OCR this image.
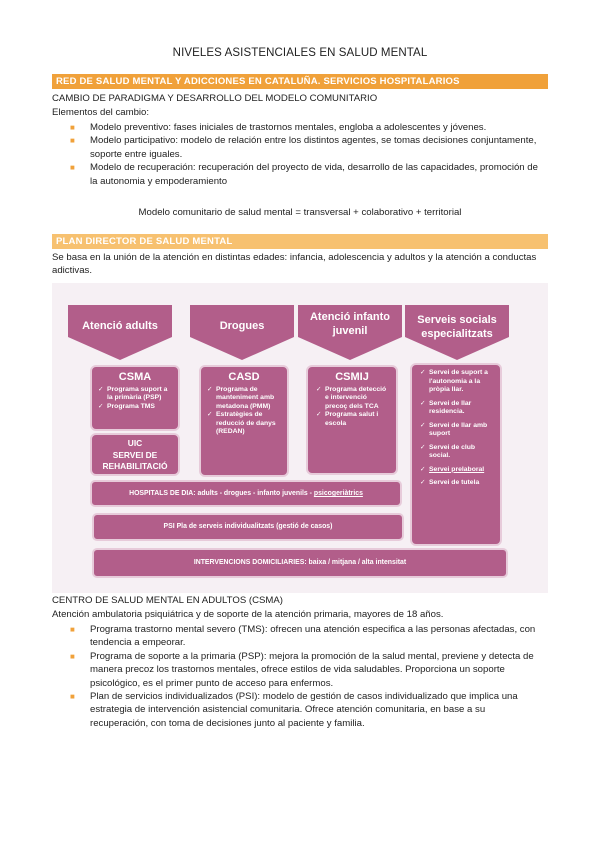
NIVELES ASISTENCIALES EN SALUD MENTAL
RED DE SALUD MENTAL Y ADICCIONES EN CATALUÑA. SERVICIOS HOSPITALARIOS
CAMBIO DE PARADIGMA Y DESARROLLO DEL MODELO COMUNITARIO
Elementos del cambio:
■ Modelo preventivo: fases iniciales de trastornos mentales, engloba a adolescentes y jóvenes.
■ Modelo participativo: modelo de relación entre los distintos agentes, se tomas decisiones conjuntamente,
soporte entre iguales.
■ Modelo de recuperación: recuperación del proyecto de vida, desarrollo de las capacidades, promoción de
la autonomia y empoderamiento
Modelo comunitario de salud mental = transversal + colaborativo + territorial
PLAN DIRECTOR DE SALUD MENTAL
Se basa en la unión de la atención en distintas edades: infancia, adolescencia y adultos y la atención a conductas
adictivas.
Atenció adults	Drogues
Atenció infanto
juvenil
Serveis socials
especialitzats
CSMA
✓ Programa suport a la primària (PSP)
✓ Programa TMS
UIC
SERVEI DE
REHABILITACIÓ
CASD
✓ Programa de manteniment amb metadona (PMM)
✓ Estratègies de reducció de danys (REDAN)
CSMIJ
✓ Programa detecció e intervenció precoç dels TCA
✓ Programa salut i escola
✓ Servei de suport a l'autonomia a la pròpia llar.
✓ Servei de llar residencia.
✓ Servei de llar amb suport
✓ Servei de club social.
✓ Servei prelaboral
✓ Servei de tutela
HOSPITALS DE DIA: adults - drogues - infanto juvenils - psicogeriàtrics
PSI Pla de serveis individualitzats (gestió de casos)
INTERVENCIONS DOMICILIARIES: baixa / mitjana / alta intensitat
CENTRO DE SALUD MENTAL EN ADULTOS (CSMA)
Atención ambulatoria psiquiátrica y de soporte de la atención primaria, mayores de 18 años.
■ Programa trastorno mental severo (TMS): ofrecen una atención especifica a las personas afectadas, con
tendencia a empeorar.
■ Programa de soporte a la primaria (PSP): mejora la promoción de la salud mental, previene y detecta de
manera precoz los trastornos mentales, ofrece estilos de vida saludables. Proporciona un soporte
psicológico, es el primer punto de acceso para enfermos.
■ Plan de servicios individualizados (PSI): modelo de gestión de casos individualizado que implica una
estrategia de intervención asistencial comunitaria. Ofrece atención comunitaria, en base a su
recuperación, con toma de decisiones junto al paciente y familia.
